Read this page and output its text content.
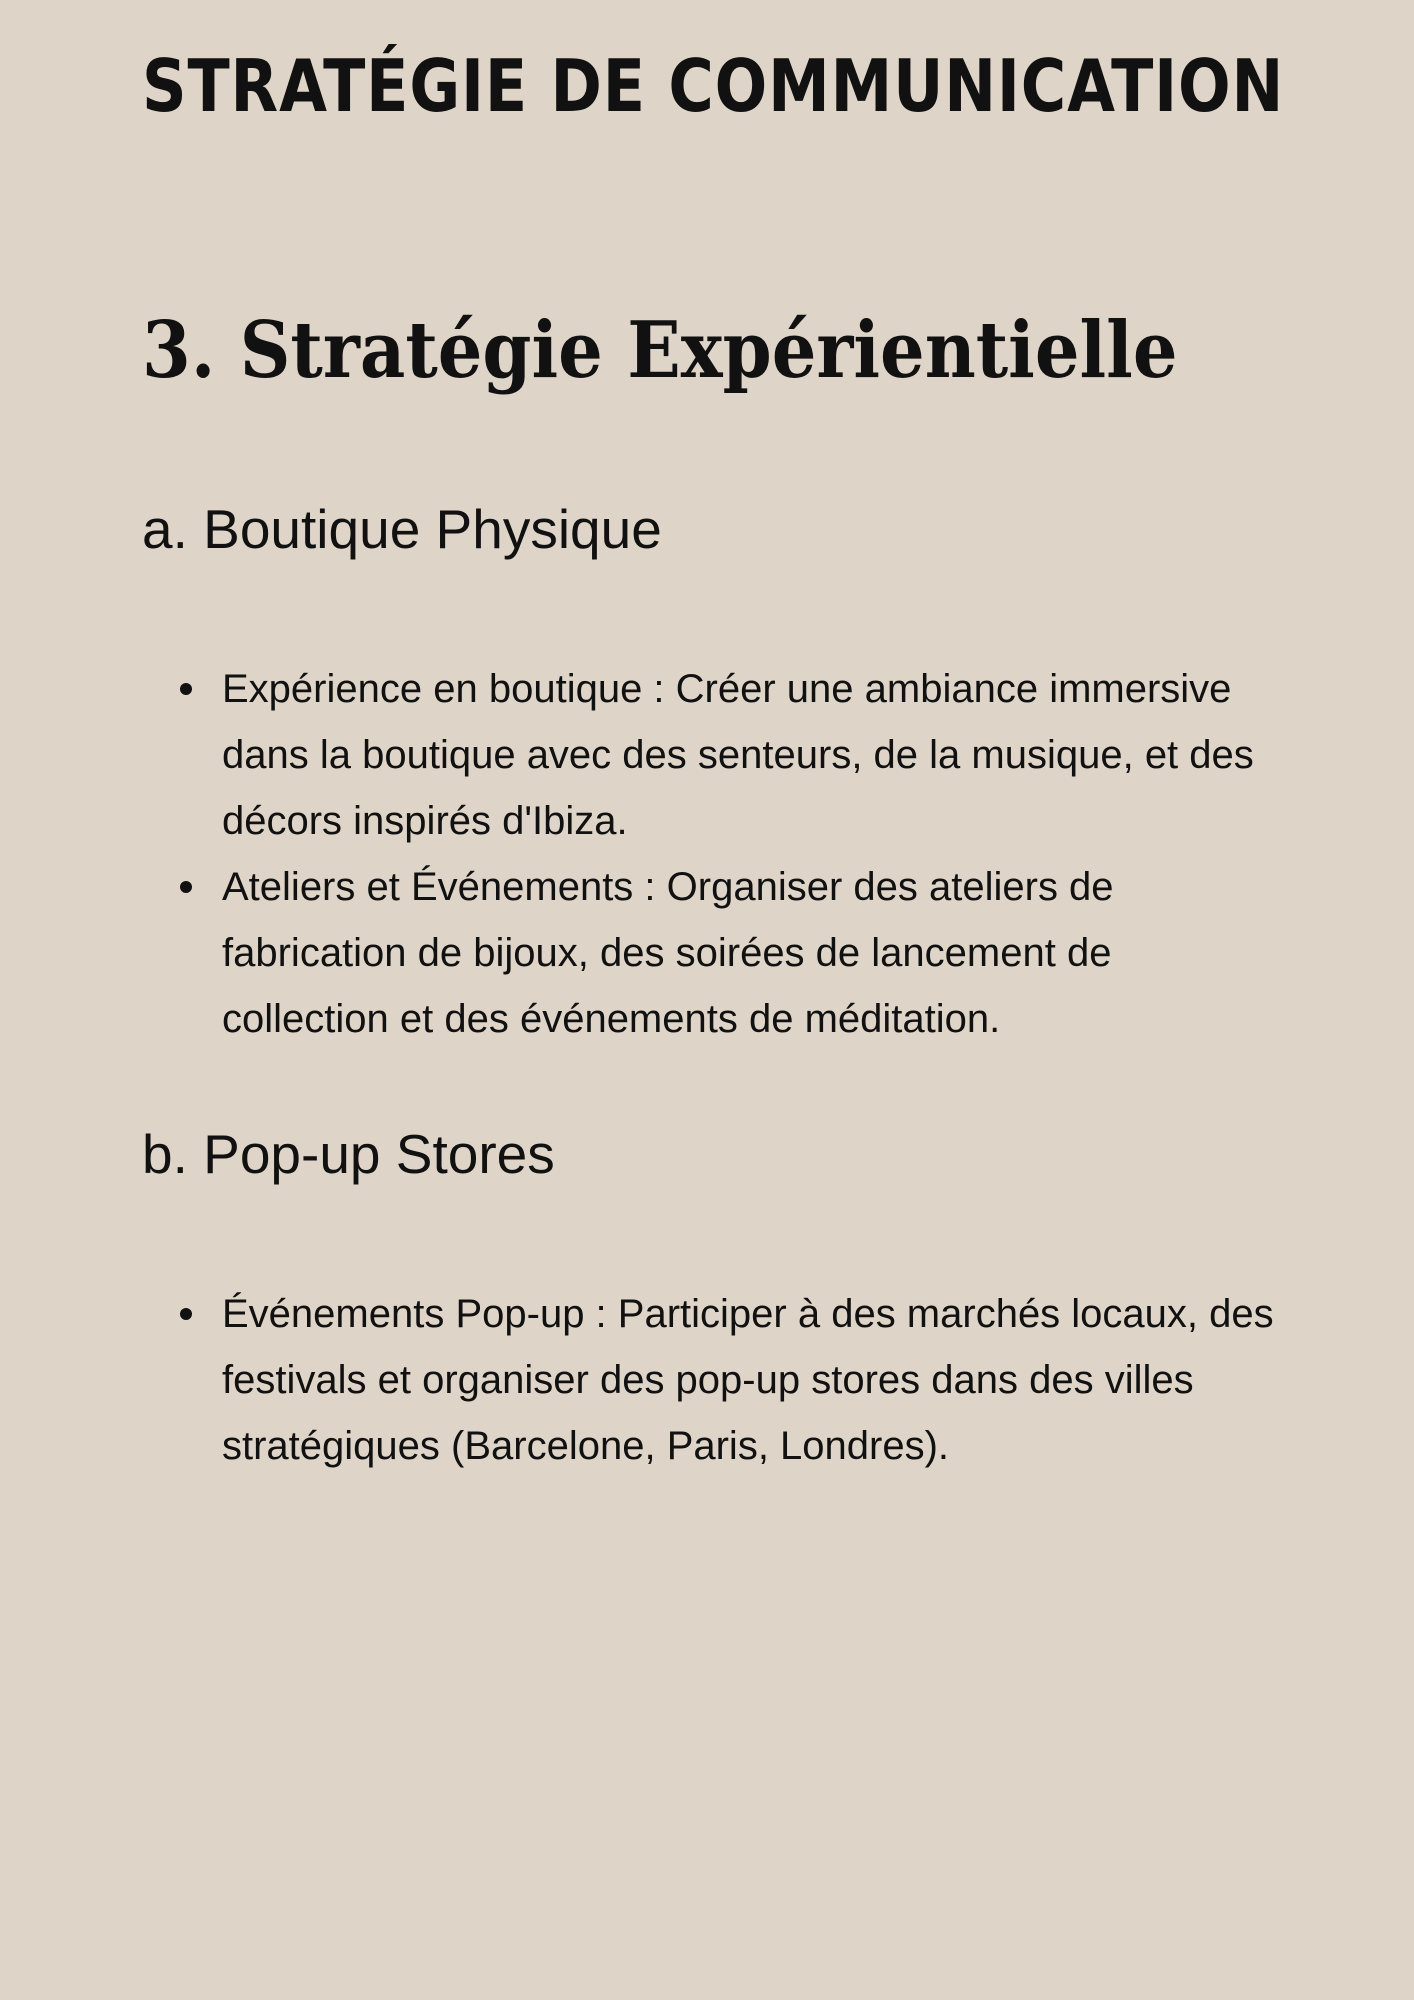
STRATÉGIE DE COMMUNICATION
3. Stratégie Expérientielle
a. Boutique Physique
Expérience en boutique : Créer une ambiance immersive dans la boutique avec des senteurs, de la musique, et des décors inspirés d'Ibiza.
Ateliers et Événements : Organiser des ateliers de fabrication de bijoux, des soirées de lancement de collection et des événements de méditation.
b. Pop-up Stores
Événements Pop-up : Participer à des marchés locaux, des festivals et organiser des pop-up stores dans des villes stratégiques (Barcelone, Paris, Londres).
